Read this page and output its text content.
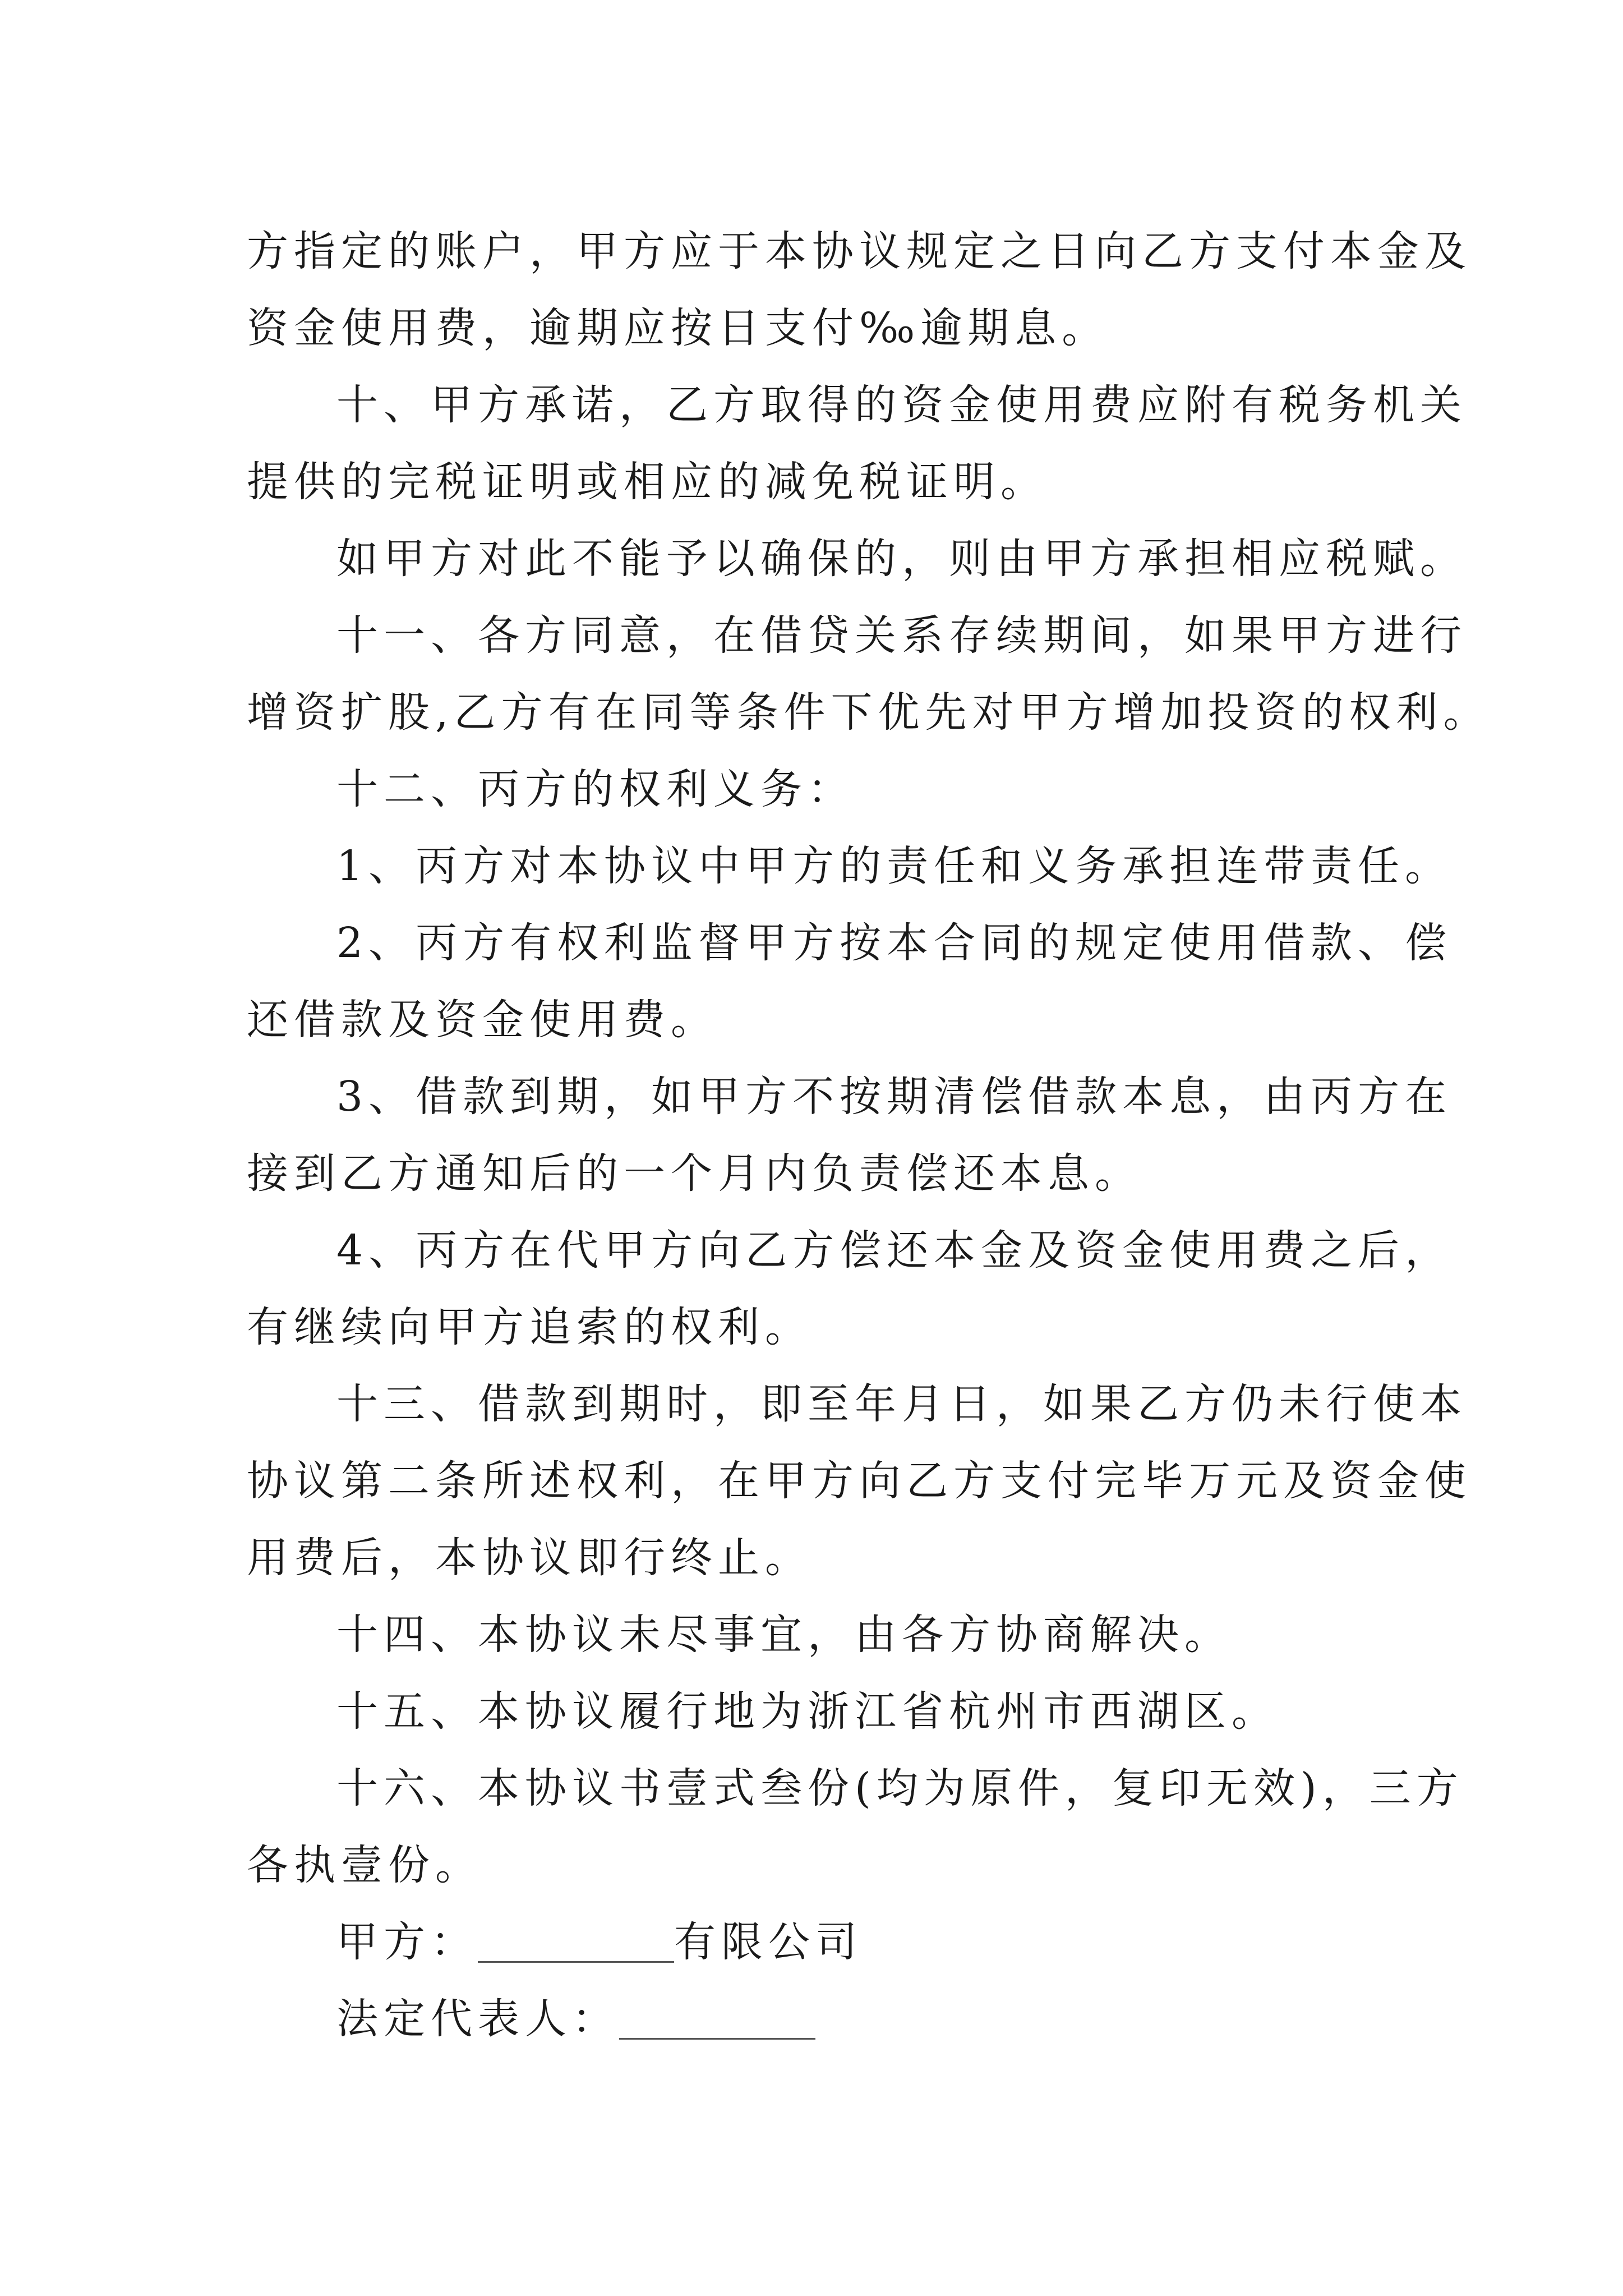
方指定的账户，甲方应于本协议规定之日向乙方支付本金及
资金使用费，逾期应按日支付‰逾期息。
十、甲方承诺，乙方取得的资金使用费应附有税务机关
提供的完税证明或相应的减免税证明。
如甲方对此不能予以确保的，则由甲方承担相应税赋。
十一、各方同意，在借贷关系存续期间，如果甲方进行
增资扩股,乙方有在同等条件下优先对甲方增加投资的权利。
十二、丙方的权利义务：
1、丙方对本协议中甲方的责任和义务承担连带责任。
2、丙方有权利监督甲方按本合同的规定使用借款、偿
还借款及资金使用费。
3、借款到期，如甲方不按期清偿借款本息，由丙方在
接到乙方通知后的一个月内负责偿还本息。
4、丙方在代甲方向乙方偿还本金及资金使用费之后，
有继续向甲方追索的权利。
十三、借款到期时，即至年月日，如果乙方仍未行使本
协议第二条所述权利，在甲方向乙方支付完毕万元及资金使
用费后，本协议即行终止。
十四、本协议未尽事宜，由各方协商解决。
十五、本协议履行地为浙江省杭州市西湖区。
十六、本协议书壹式叁份(均为原件，复印无效)，三方
各执壹份。
甲方：	有限公司
法定代表人：
